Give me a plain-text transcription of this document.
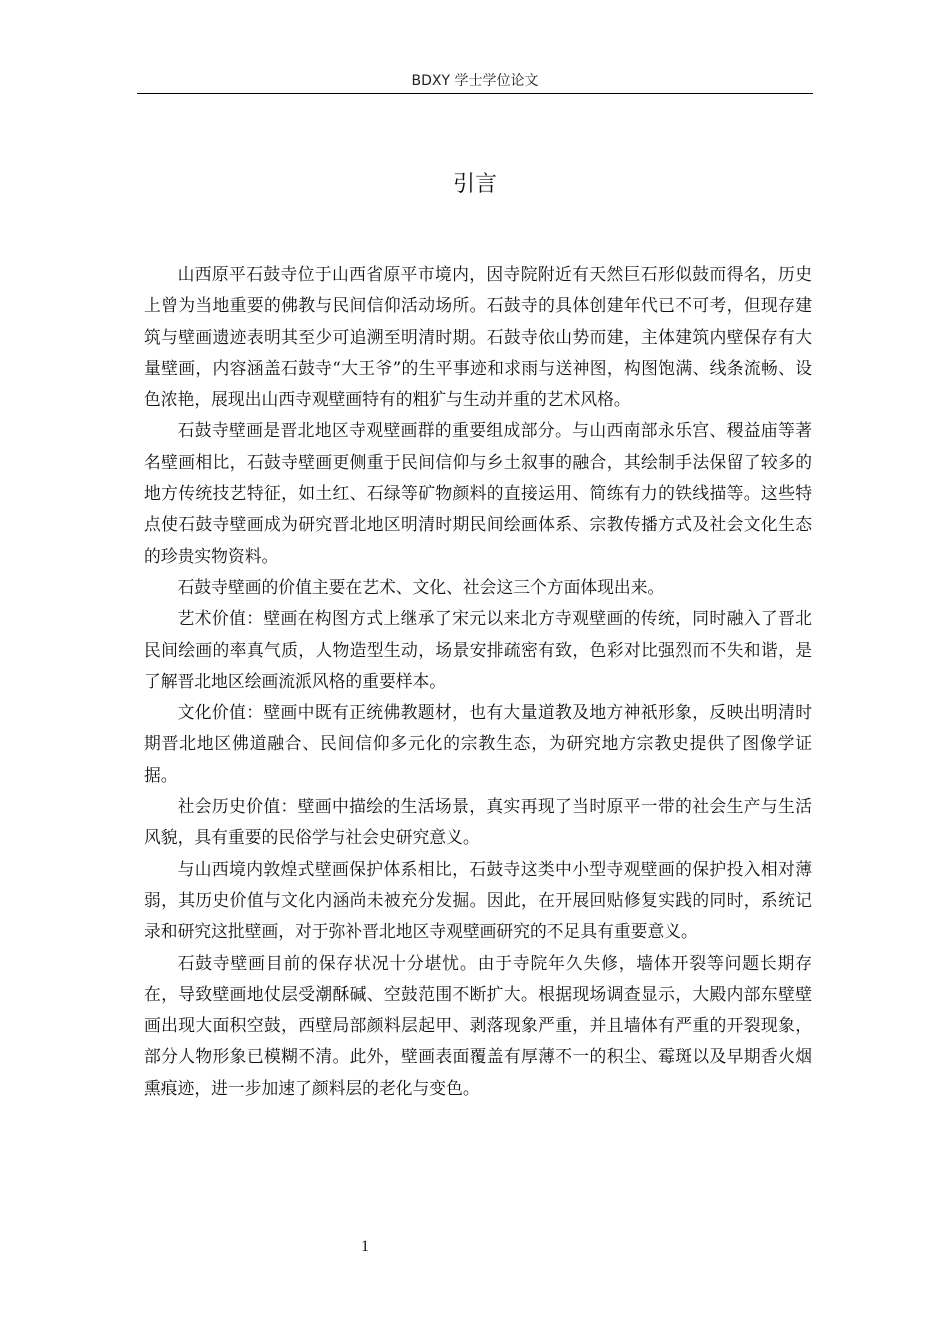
BDXY 学士学位论文
引言

山西原平石鼓寺位于山西省原平市境内，因寺院附近有天然巨石形似鼓而得名，历史上曾为当地重要的佛教与民间信仰活动场所。石鼓寺的具体创建年代已不可考，但现存建筑与壁画遗迹表明其至少可追溯至明清时期。石鼓寺依山势而建，主体建筑内壁保存有大量壁画，内容涵盖石鼓寺“大王爷”的生平事迹和求雨与送神图，构图饱满、线条流畅、设色浓艳，展现出山西寺观壁画特有的粗犷与生动并重的艺术风格。

石鼓寺壁画是晋北地区寺观壁画群的重要组成部分。与山西南部永乐宫、稷益庙等著名壁画相比，石鼓寺壁画更侧重于民间信仰与乡土叙事的融合，其绘制手法保留了较多的地方传统技艺特征，如土红、石绿等矿物颜料的直接运用、简练有力的铁线描等。这些特点使石鼓寺壁画成为研究晋北地区明清时期民间绘画体系、宗教传播方式及社会文化生态的珍贵实物资料。

石鼓寺壁画的价值主要在艺术、文化、社会这三个方面体现出来。

艺术价值：壁画在构图方式上继承了宋元以来北方寺观壁画的传统，同时融入了晋北民间绘画的率真气质，人物造型生动，场景安排疏密有致，色彩对比强烈而不失和谐，是了解晋北地区绘画流派风格的重要样本。

文化价值：壁画中既有正统佛教题材，也有大量道教及地方神祇形象，反映出明清时期晋北地区佛道融合、民间信仰多元化的宗教生态，为研究地方宗教史提供了图像学证据。

社会历史价值：壁画中描绘的生活场景，真实再现了当时原平一带的社会生产与生活风貌，具有重要的民俗学与社会史研究意义。

与山西境内敦煌式壁画保护体系相比，石鼓寺这类中小型寺观壁画的保护投入相对薄弱，其历史价值与文化内涵尚未被充分发掘。因此，在开展回贴修复实践的同时，系统记录和研究这批壁画，对于弥补晋北地区寺观壁画研究的不足具有重要意义。

石鼓寺壁画目前的保存状况十分堪忧。由于寺院年久失修，墙体开裂等问题长期存在，导致壁画地仗层受潮酥碱、空鼓范围不断扩大。根据现场调查显示，大殿内部东壁壁画出现大面积空鼓，西壁局部颜料层起甲、剥落现象严重，并且墙体有严重的开裂现象，部分人物形象已模糊不清。此外，壁画表面覆盖有厚薄不一的积尘、霉斑以及早期香火烟熏痕迹，进一步加速了颜料层的老化与变色。

1
